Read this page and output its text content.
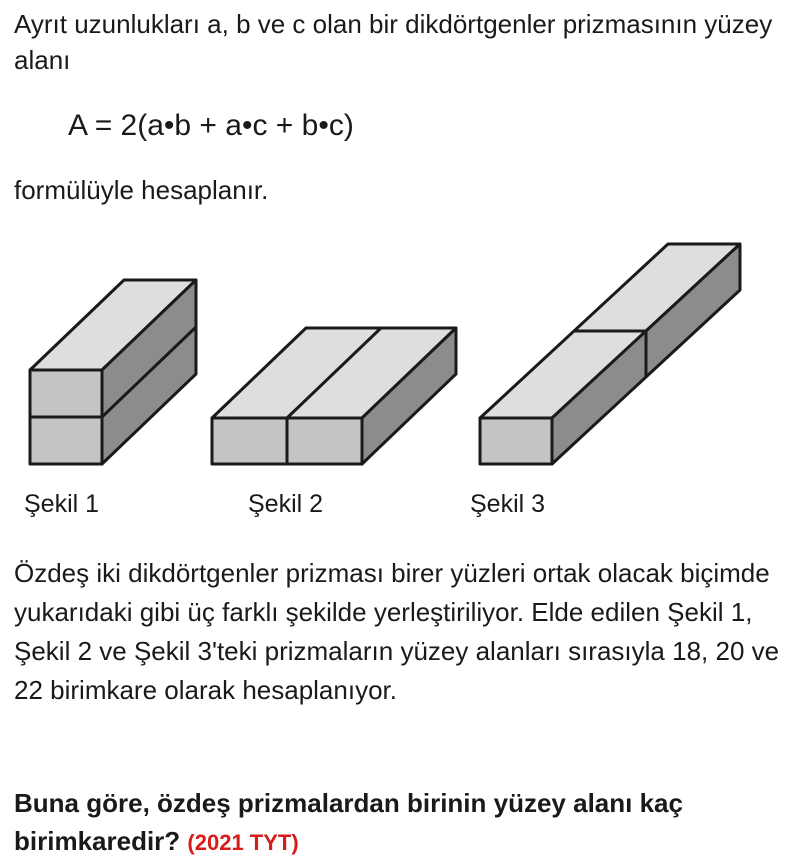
Ayrıt uzunlukları a, b ve c olan bir dikdörtgenler prizmasının yüzey alanı
A = 2(a•b + a•c + b•c)
formülüyle hesaplanır.
Şekil 1	Şekil 2	Şekil 3
Özdeş iki dikdörtgenler prizması birer yüzleri ortak olacak biçimde yukarıdaki gibi üç farklı şekilde yerleştiriliyor. Elde edilen Şekil 1, Şekil 2 ve Şekil 3'teki prizmaların yüzey alanları sırasıyla 18, 20 ve 22 birimkare olarak hesaplanıyor.
Buna göre, özdeş prizmalardan birinin yüzey alanı kaç birimkaredir? (2021 TYT)
